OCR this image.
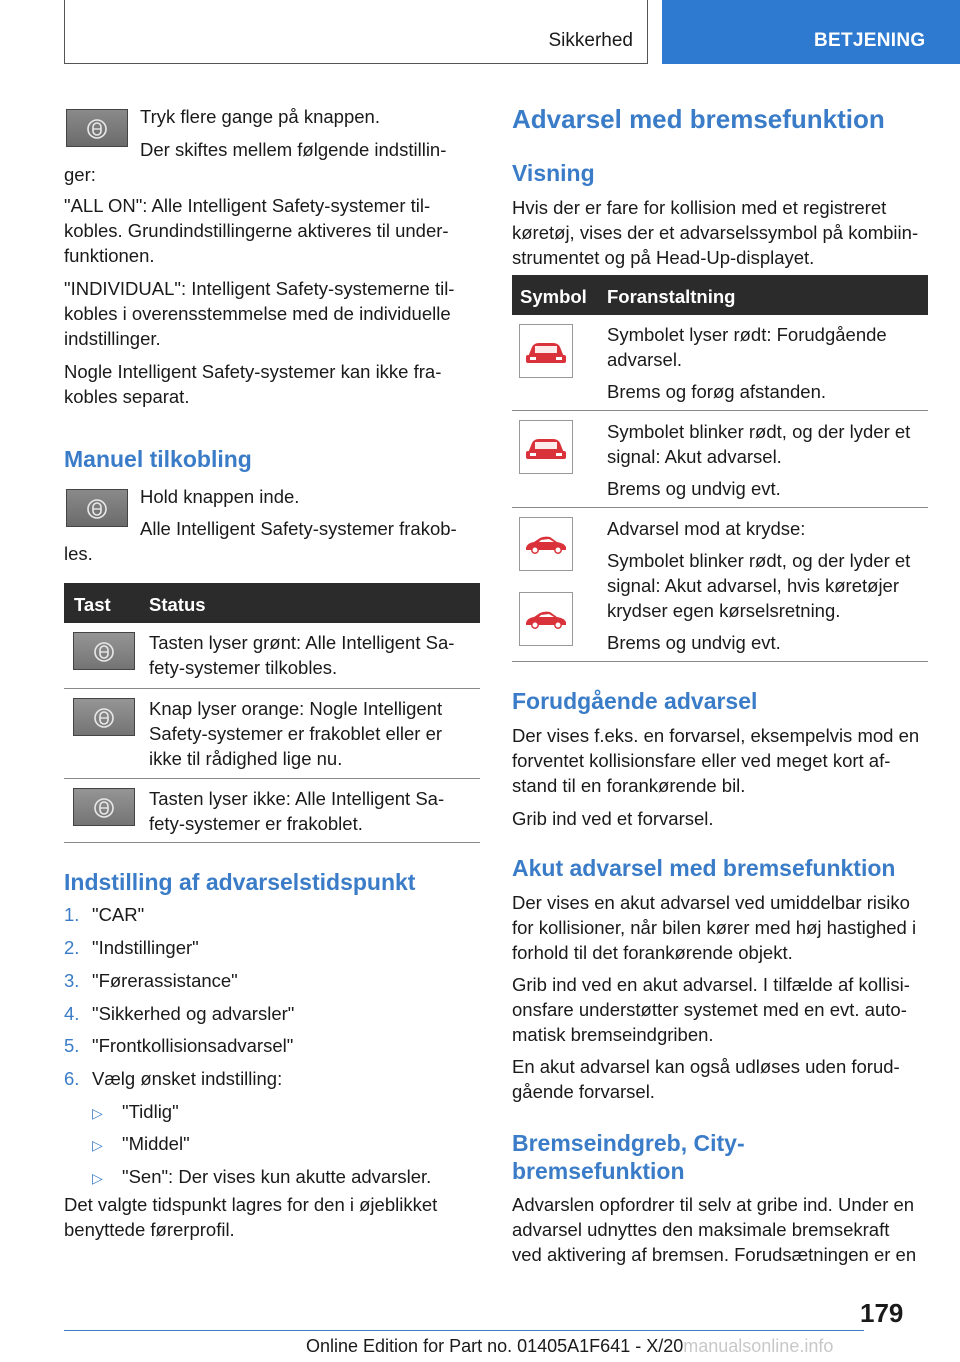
Sikkerhed	BETJENING

Tryk flere gange på knappen.

Der skiftes mellem følgende indstillin-

ger:

"ALL ON": Alle Intelligent Safety-systemer til-

kobles. Grundindstillingerne aktiveres til under-

funktionen.

"INDIVIDUAL": Intelligent Safety-systemerne til-

kobles i overensstemmelse med de individuelle

indstillinger.

Nogle Intelligent Safety-systemer kan ikke fra-

kobles separat.

Manuel tilkobling

Hold knappen inde.

Alle Intelligent Safety-systemer frakob-

les.

Tast Status

Tasten lyser grønt: Alle Intelligent Sa-

fety-systemer tilkobles.

Knap lyser orange: Nogle Intelligent

Safety-systemer er frakoblet eller er

ikke til rådighed lige nu.

Tasten lyser ikke: Alle Intelligent Sa-

fety-systemer er frakoblet.

Indstilling af advarselstidspunkt

1. "CAR"

2. "Indstillinger"

3. "Førerassistance"

4. "Sikkerhed og advarsler"

5. "Frontkollisionsadvarsel"

6. Vælg ønsket indstilling:

▷ "Tidlig"

▷ "Middel"

▷ "Sen": Der vises kun akutte advarsler.

Det valgte tidspunkt lagres for den i øjeblikket

benyttede førerprofil.

Advarsel med bremsefunktion
Visning

Hvis der er fare for kollision med et registreret

køretøj, vises der et advarselssymbol på kombiin-

strumentet og på Head-Up-displayet.

Symbol Foranstaltning

Symbolet lyser rødt: Forudgående

advarsel.

Brems og forøg afstanden.

Symbolet blinker rødt, og der lyder et

signal: Akut advarsel.

Brems og undvig evt.

Advarsel mod at krydse:

Symbolet blinker rødt, og der lyder et

signal: Akut advarsel, hvis køretøjer

krydser egen kørselsretning.

Brems og undvig evt.

Forudgående advarsel

Der vises f.eks. en forvarsel, eksempelvis mod en

forventet kollisionsfare eller ved meget kort af-

stand til en forankørende bil.

Grib ind ved et forvarsel.

Akut advarsel med bremsefunktion

Der vises en akut advarsel ved umiddelbar risiko

for kollisioner, når bilen kører med høj hastighed i

forhold til det forankørende objekt.

Grib ind ved en akut advarsel. I tilfælde af kollisi-

onsfare understøtter systemet med en evt. auto-

matisk bremseindgriben.

En akut advarsel kan også udløses uden forud-

gående forvarsel.

Bremseindgreb, City-
bremsefunktion

Advarslen opfordrer til selv at gribe ind. Under en

advarsel udnyttes den maksimale bremsekraft

ved aktivering af bremsen. Forudsætningen er en

179
Online Edition for Part no. 01405A1F641 - X/20manualsonline.info
